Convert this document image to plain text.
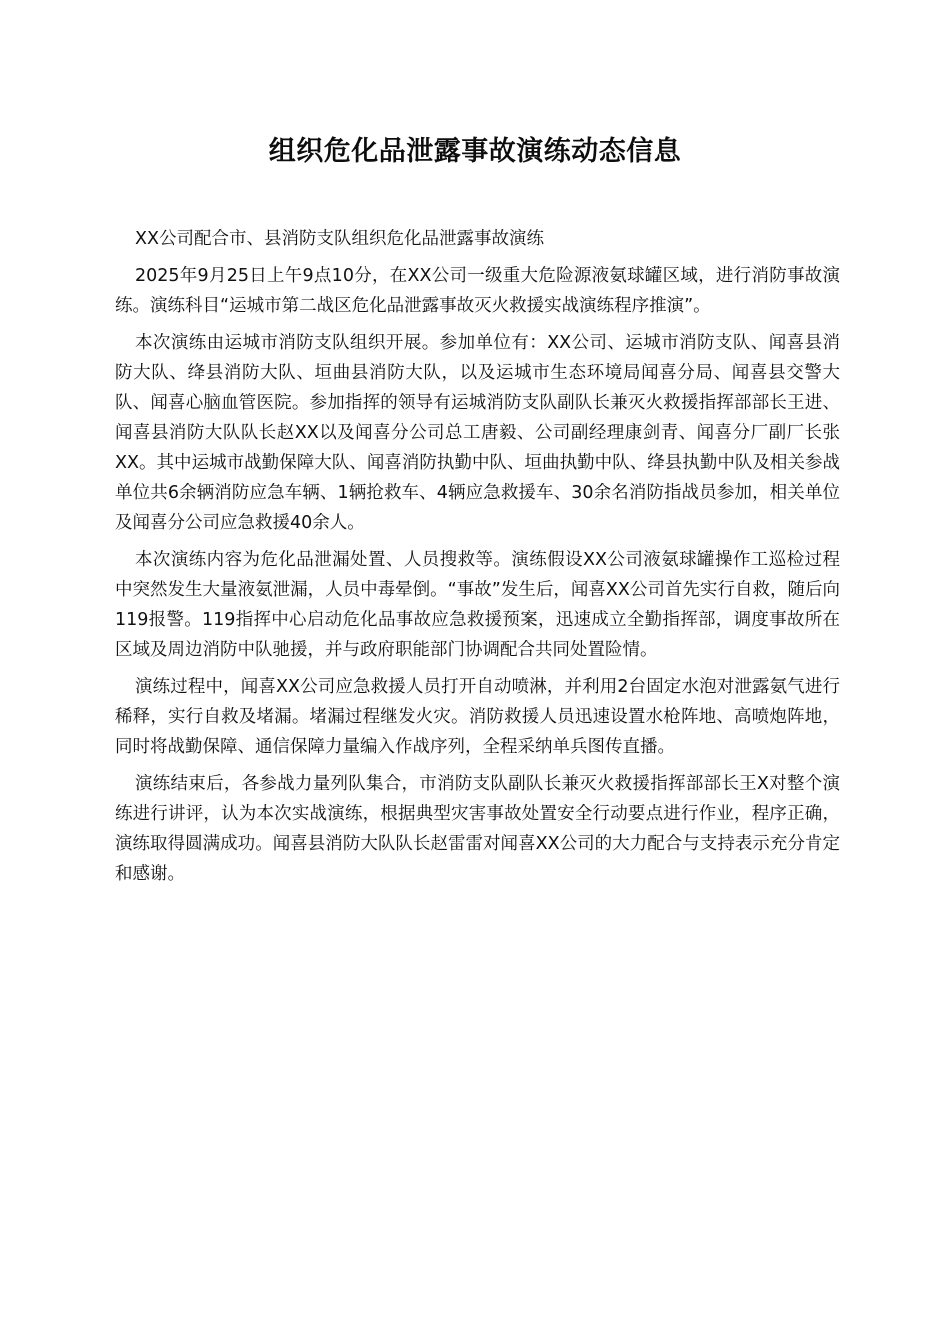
组织危化品泄露事故演练动态信息

XX公司配合市、县消防支队组织危化品泄露事故演练

2025年9月25日上午9点10分，在XX公司一级重大危险源液氨球罐区域，进行消防事故演练。演练科目“运城市第二战区危化品泄露事故灭火救援实战演练程序推演”。

本次演练由运城市消防支队组织开展。参加单位有：XX公司、运城市消防支队、闻喜县消防大队、绛县消防大队、垣曲县消防大队，以及运城市生态环境局闻喜分局、闻喜县交警大队、闻喜心脑血管医院。参加指挥的领导有运城消防支队副队长兼灭火救援指挥部部长王进、闻喜县消防大队队长赵XX以及闻喜分公司总工唐毅、公司副经理康剑青、闻喜分厂副厂长张XX。其中运城市战勤保障大队、闻喜消防执勤中队、垣曲执勤中队、绛县执勤中队及相关参战单位共6余辆消防应急车辆、1辆抢救车、4辆应急救援车、30余名消防指战员参加，相关单位及闻喜分公司应急救援40余人。

本次演练内容为危化品泄漏处置、人员搜救等。演练假设XX公司液氨球罐操作工巡检过程中突然发生大量液氨泄漏，人员中毒晕倒。“事故”发生后，闻喜XX公司首先实行自救，随后向119报警。119指挥中心启动危化品事故应急救援预案，迅速成立全勤指挥部，调度事故所在区域及周边消防中队驰援，并与政府职能部门协调配合共同处置险情。

演练过程中，闻喜XX公司应急救援人员打开自动喷淋，并利用2台固定水泡对泄露氨气进行稀释，实行自救及堵漏。堵漏过程继发火灾。消防救援人员迅速设置水枪阵地、高喷炮阵地，同时将战勤保障、通信保障力量编入作战序列，全程采纳单兵图传直播。

演练结束后，各参战力量列队集合，市消防支队副队长兼灭火救援指挥部部长王X对整个演练进行讲评，认为本次实战演练，根据典型灾害事故处置安全行动要点进行作业，程序正确，演练取得圆满成功。闻喜县消防大队队长赵雷雷对闻喜XX公司的大力配合与支持表示充分肯定和感谢。
